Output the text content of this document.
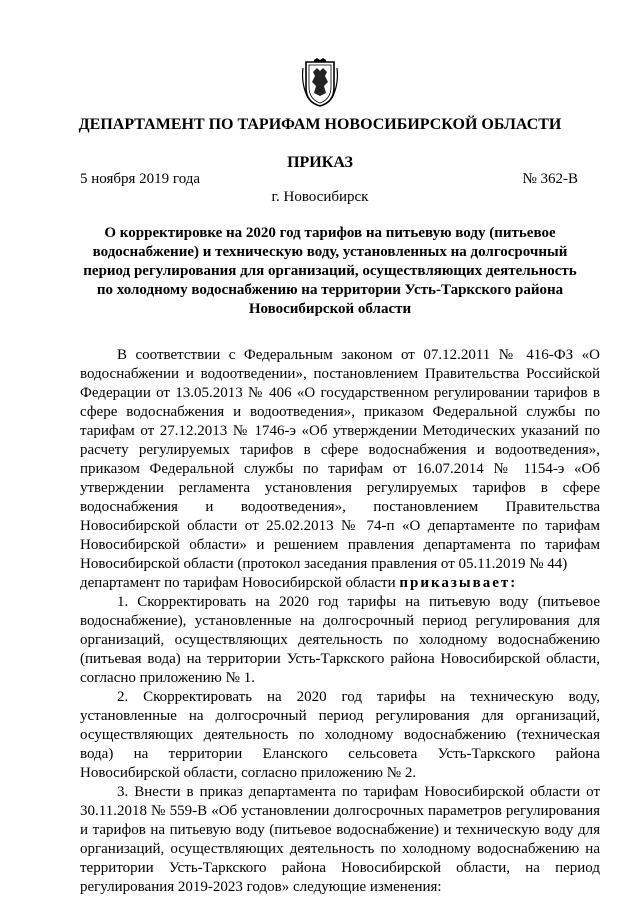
ДЕПАРТАМЕНТ ПО ТАРИФАМ НОВОСИБИРСКОЙ ОБЛАСТИ
ПРИКАЗ
5 ноября 2019 года	№ 362-В
г. Новосибирск
О корректировке на 2020 год тарифов на питьевую воду (питьевое водоснабжение) и техническую воду, установленных на долгосрочный период регулирования для организаций, осуществляющих деятельность по холодному водоснабжению на территории Усть-Таркского района Новосибирской области

В соответствии с Федеральным законом от 07.12.2011 № 416-ФЗ «О водоснабжении и водоотведении», постановлением Правительства Российской Федерации от 13.05.2013 № 406 «О государственном регулировании тарифов в сфере водоснабжения и водоотведения», приказом Федеральной службы по тарифам от 27.12.2013 № 1746-э «Об утверждении Методических указаний по расчету регулируемых тарифов в сфере водоснабжения и водоотведения», приказом Федеральной службы по тарифам от 16.07.2014 № 1154-э «Об утверждении регламента установления регулируемых тарифов в сфере водоснабжения и водоотведения», постановлением Правительства Новосибирской области от 25.02.2013 № 74-п «О департаменте по тарифам Новосибирской области» и решением правления департамента по тарифам Новосибирской области (протокол заседания правления от 05.11.2019 № 44)

департамент по тарифам Новосибирской области приказывает:

1. Скорректировать на 2020 год тарифы на питьевую воду (питьевое водоснабжение), установленные на долгосрочный период регулирования для организаций, осуществляющих деятельность по холодному водоснабжению (питьевая вода) на территории Усть-Таркского района Новосибирской области, согласно приложению № 1.

2. Скорректировать на 2020 год тарифы на техническую воду, установленные на долгосрочный период регулирования для организаций, осуществляющих деятельность по холодному водоснабжению (техническая вода) на территории Еланского сельсовета Усть-Таркского района Новосибирской области, согласно приложению № 2.

3. Внести в приказ департамента по тарифам Новосибирской области от 30.11.2018 № 559-В «Об установлении долгосрочных параметров регулирования и тарифов на питьевую воду (питьевое водоснабжение) и техническую воду для организаций, осуществляющих деятельность по холодному водоснабжению на территории Усть-Таркского района Новосибирской области, на период регулирования 2019-2023 годов» следующие изменения:
